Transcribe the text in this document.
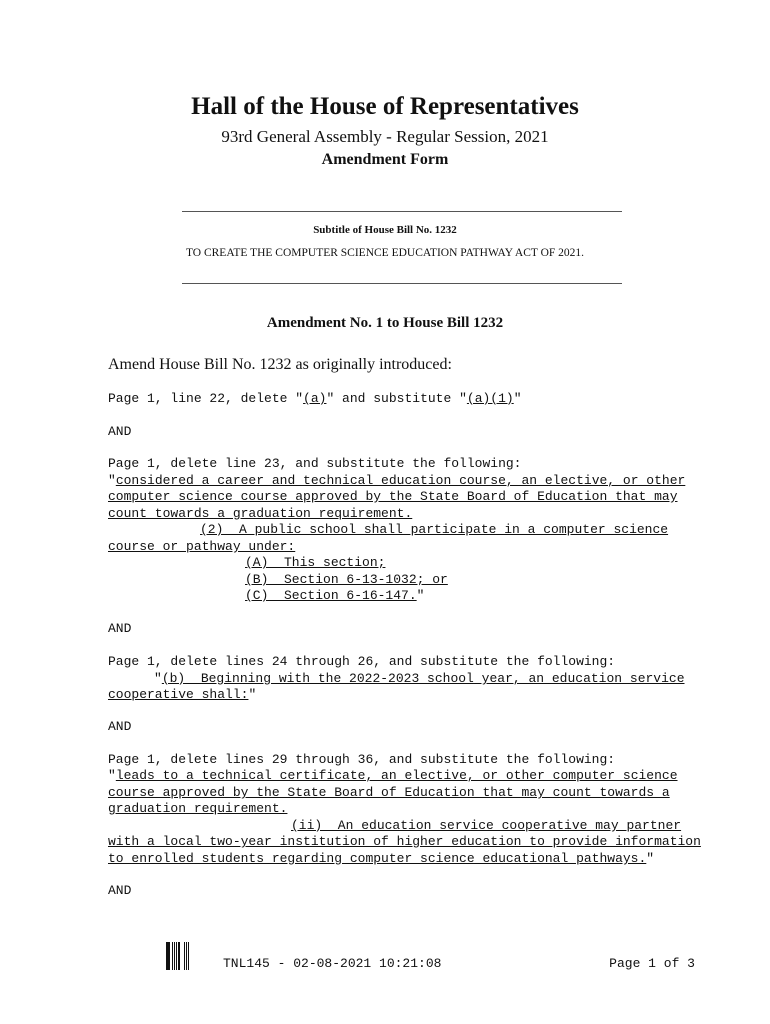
Hall of the House of Representatives
93rd General Assembly - Regular Session, 2021
Amendment Form
Subtitle of House Bill No. 1232
TO CREATE THE COMPUTER SCIENCE EDUCATION PATHWAY ACT OF 2021.
Amendment No. 1 to House Bill 1232
Amend House Bill No. 1232 as originally introduced:
Page 1, line 22, delete "(a)" and substitute "(a)(1)"
AND
Page 1, delete line 23, and substitute the following:
"considered a career and technical education course, an elective, or other
computer science course approved by the State Board of Education that may
count towards a graduation requirement.
(2)  A public school shall participate in a computer science
course or pathway under:
(A)  This section;
(B)  Section 6-13-1032; or
(C)  Section 6-16-147."
AND
Page 1, delete lines 24 through 26, and substitute the following:
"(b)  Beginning with the 2022-2023 school year, an education service
cooperative shall:"
AND
Page 1, delete lines 29 through 36, and substitute the following:
"leads to a technical certificate, an elective, or other computer science
course approved by the State Board of Education that may count towards a
graduation requirement.
(ii)  An education service cooperative may partner
with a local two-year institution of higher education to provide information
to enrolled students regarding computer science educational pathways."
AND
TNL145 - 02-08-2021 10:21:08	Page 1 of 3
